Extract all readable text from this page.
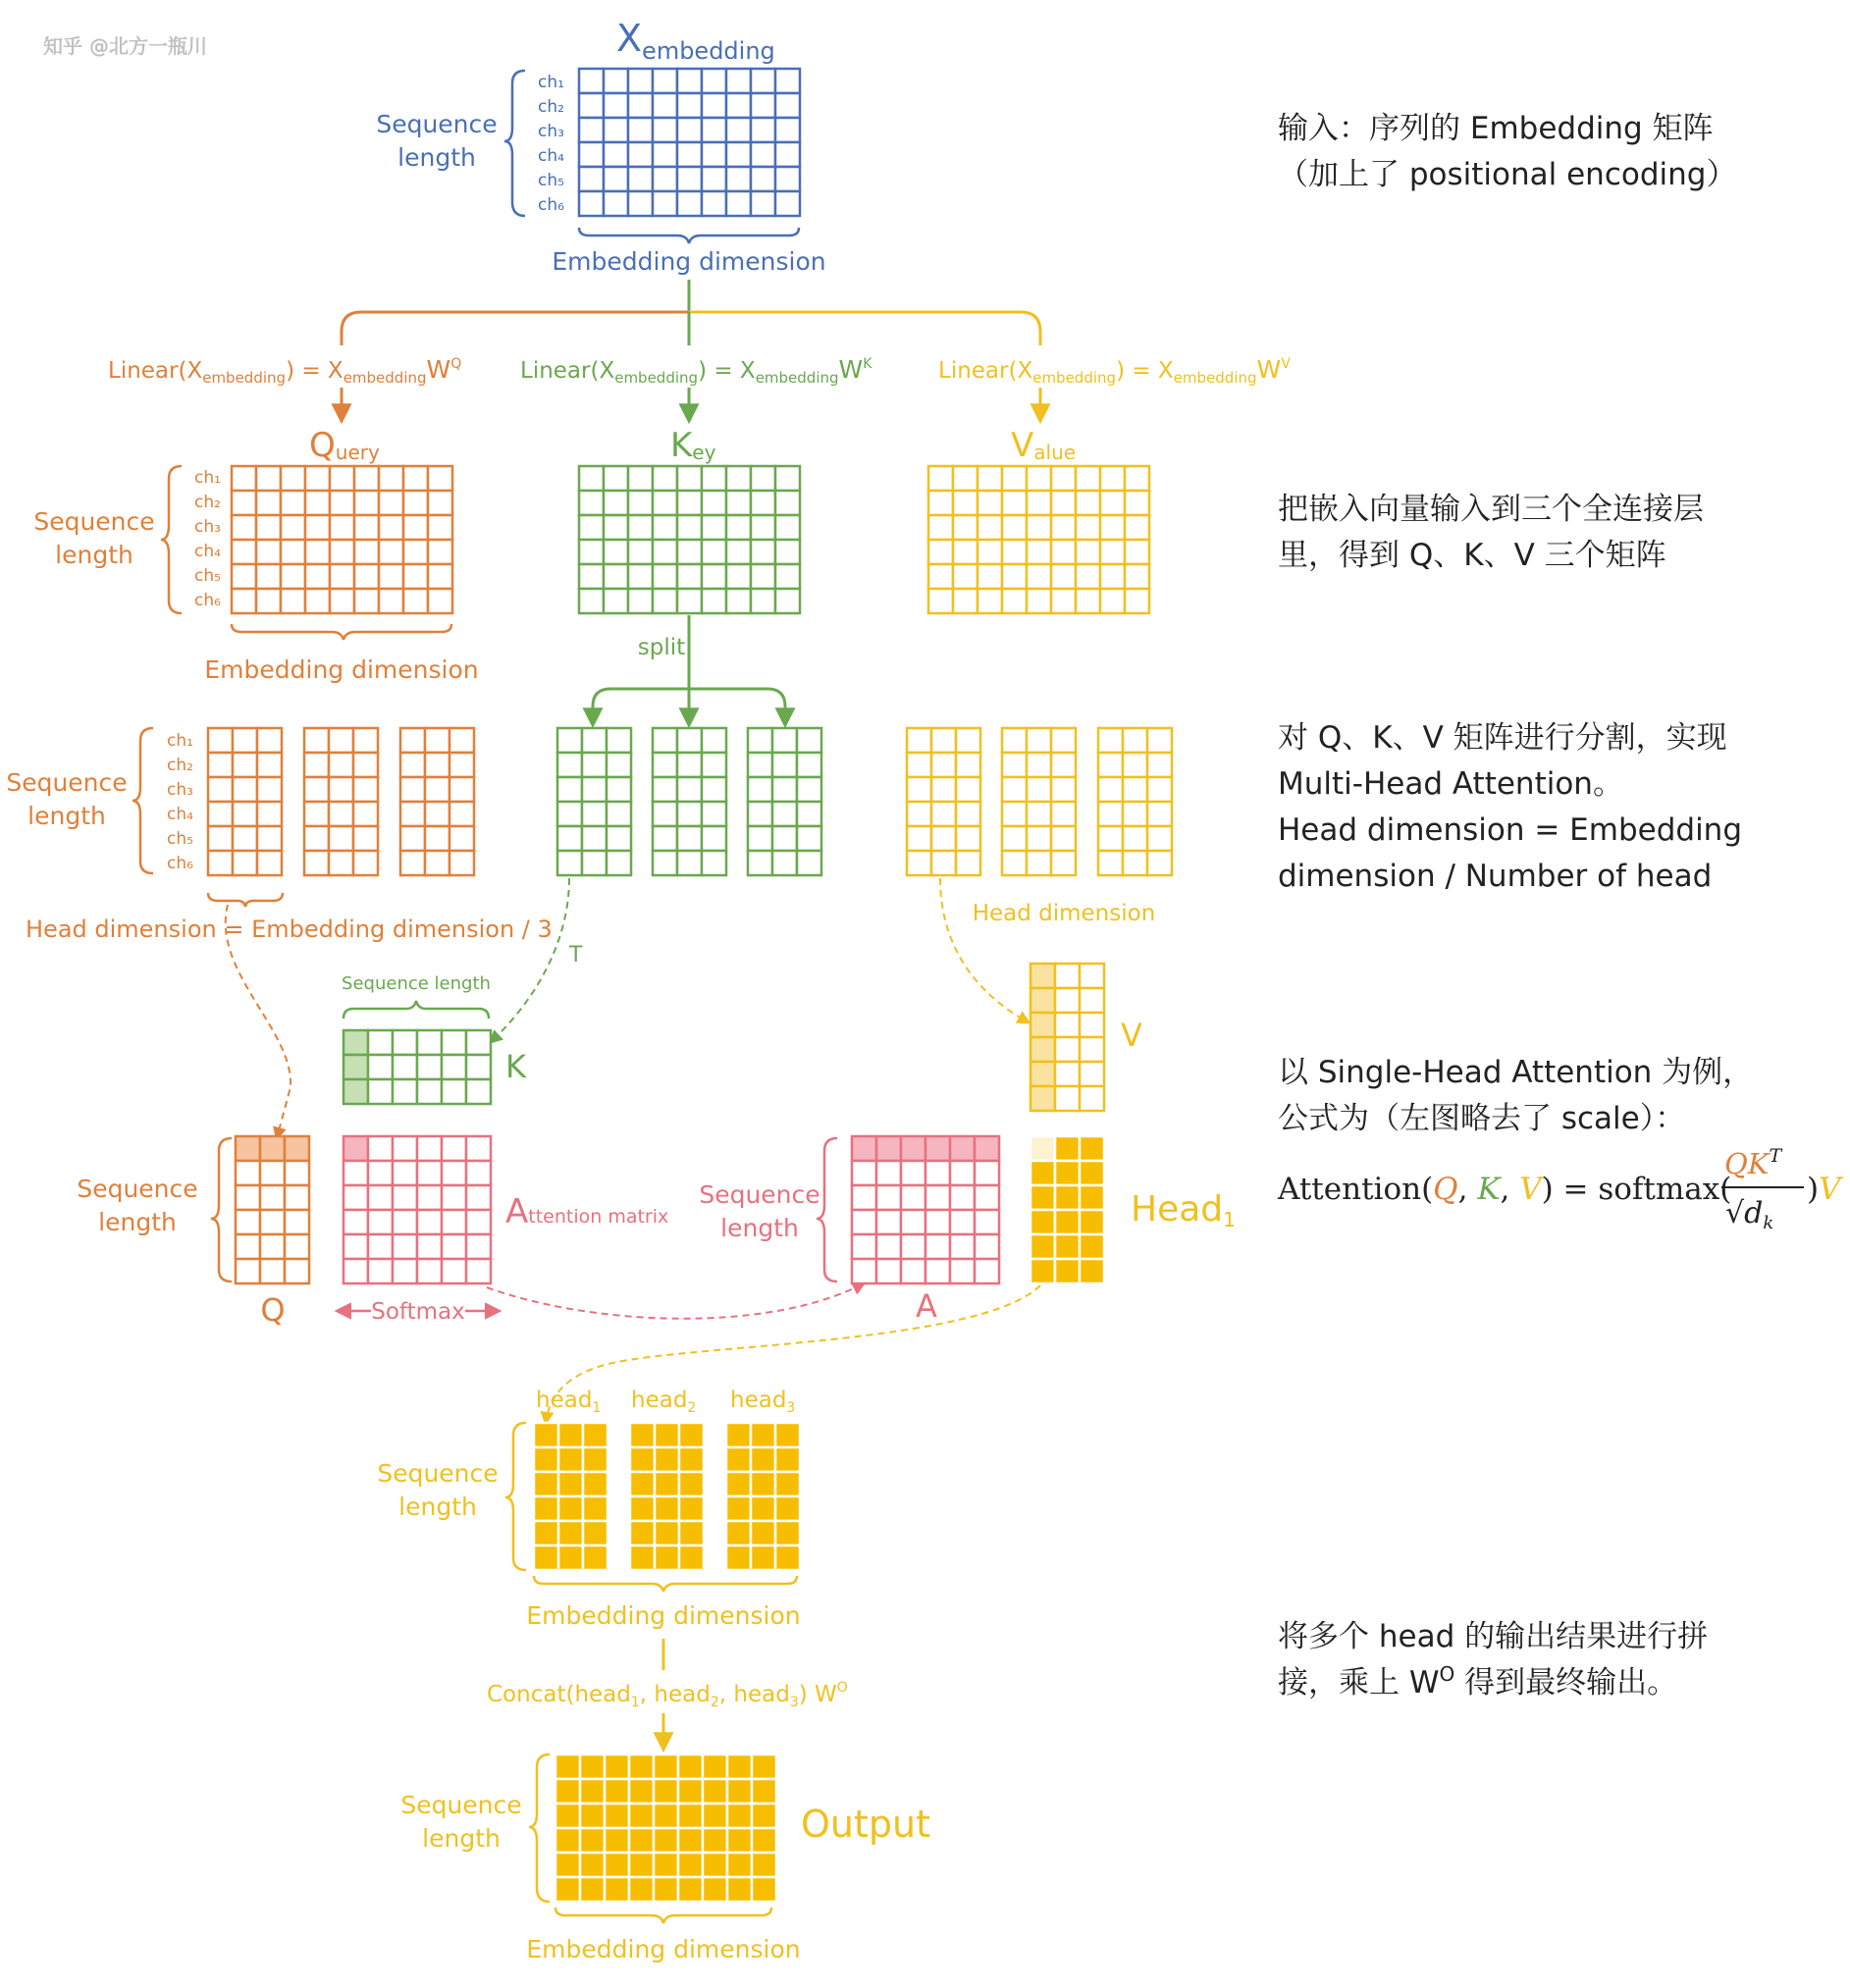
知乎 @北方一瓶川	$X_{embedding}$
ch₁
ch₂
ch₃
ch₄
ch₅
ch₆
Sequence length
Embedding dimension
$Linear(X_{embedding}) = X_{embedding}W^Q$	$Linear(X_{embedding}) = X_{embedding}W^K$	$Linear(X_{embedding}) = X_{embedding}W^V$
Query	Key	Value
ch₁
ch₂
ch₃
ch₄
ch₅
ch₆
Sequence length
Embedding dimension
split
ch₁
ch₂
ch₃
ch₄
ch₅
ch₆
Sequence length
Head dimension = Embedding dimension / 3
Head dimension
T
Sequence length
K
V
Sequence length
Q
Attention matrix
Softmax
Sequence length
A
Head1
head$_1$ head$_2$ head$_3$
Sequence length
Embedding dimension
Concat(head$_1$, head$_2$, head$_3$) $W^O$
Sequence length	Output
Embedding dimension
输入：序列的 Embedding 矩阵
（加上了 positional encoding）
把嵌入向量输入到三个全连接层
里，得到 Q、K、V 三个矩阵
对 Q、K、V 矩阵进行分割，实现
Multi-Head Attention。
Head dimension = Embedding
dimension / Number of head
以 Single-Head Attention 为例，
公式为（左图略去了 scale）：
将多个 head 的输出结果进行拼
接，乘上 $W^O$ 得到最终输出。
Attention(Q, K, V) = softmax(
$QK^T$
$√d_k$
)V
